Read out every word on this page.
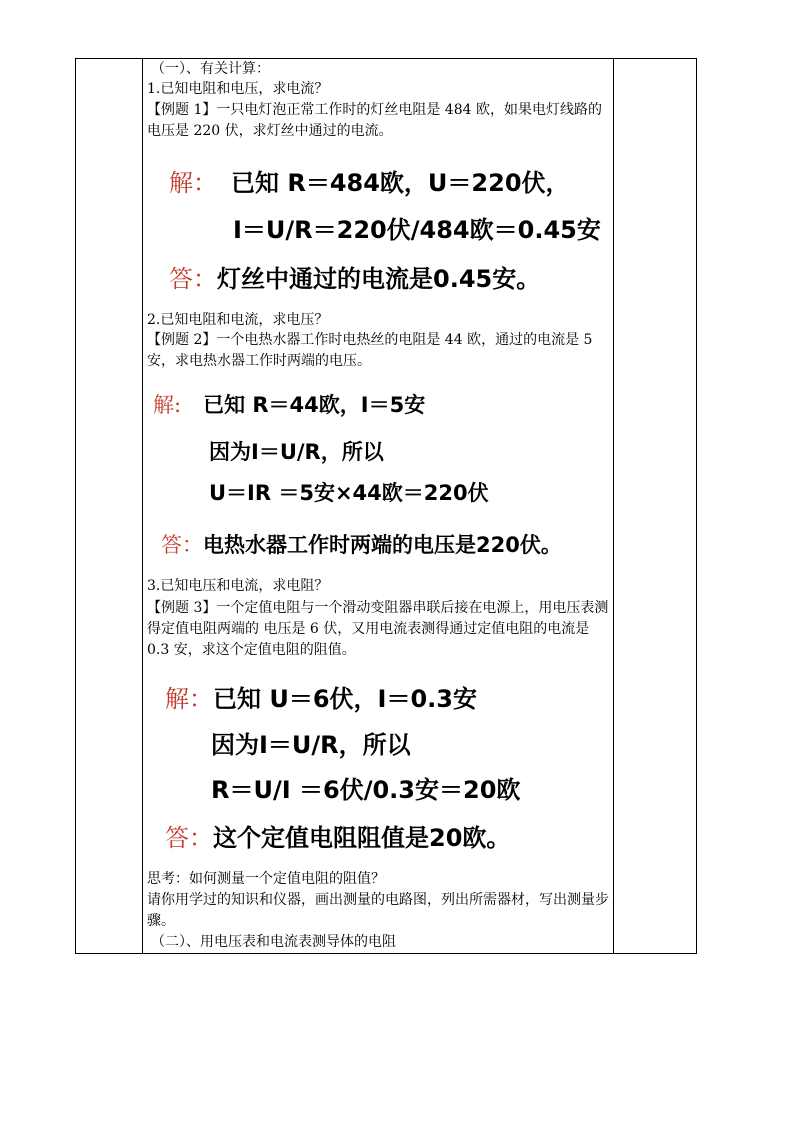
（一）、有关计算：
1.已知电阻和电压，求电流？
【例题 1】一只电灯泡正常工作时的灯丝电阻是 484 欧，如果电灯线路的电压是 220 伏，求灯丝中通过的电流。
解： 已知 R＝484欧，U＝220伏，
I＝U/R＝220伏/484欧＝0.45安
答：灯丝中通过的电流是0.45安。
2.已知电阻和电流，求电压？
【例题 2】一个电热水器工作时电热丝的电阻是 44 欧，通过的电流是 5 安，求电热水器工作时两端的电压。
解: 已知 R＝44欧，I＝5安
因为I＝U/R，所以
U＝IR ＝5安×44欧＝220伏
答：电热水器工作时两端的电压是220伏。
3.已知电压和电流，求电阻？
【例题 3】一个定值电阻与一个滑动变阻器串联后接在电源上，用电压表测得定值电阻两端的 电压是 6 伏，又用电流表测得通过定值电阻的电流是 0.3 安，求这个定值电阻的阻值。
解：已知 U＝6伏，I＝0.3安
因为I＝U/R，所以
R＝U/I ＝6伏/0.3安＝20欧
答：这个定值电阻阻值是20欧。
思考：如何测量一个定值电阻的阻值？
请你用学过的知识和仪器，画出测量的电路图，列出所需器材，写出测量步骤。
（二）、用电压表和电流表测导体的电阻
